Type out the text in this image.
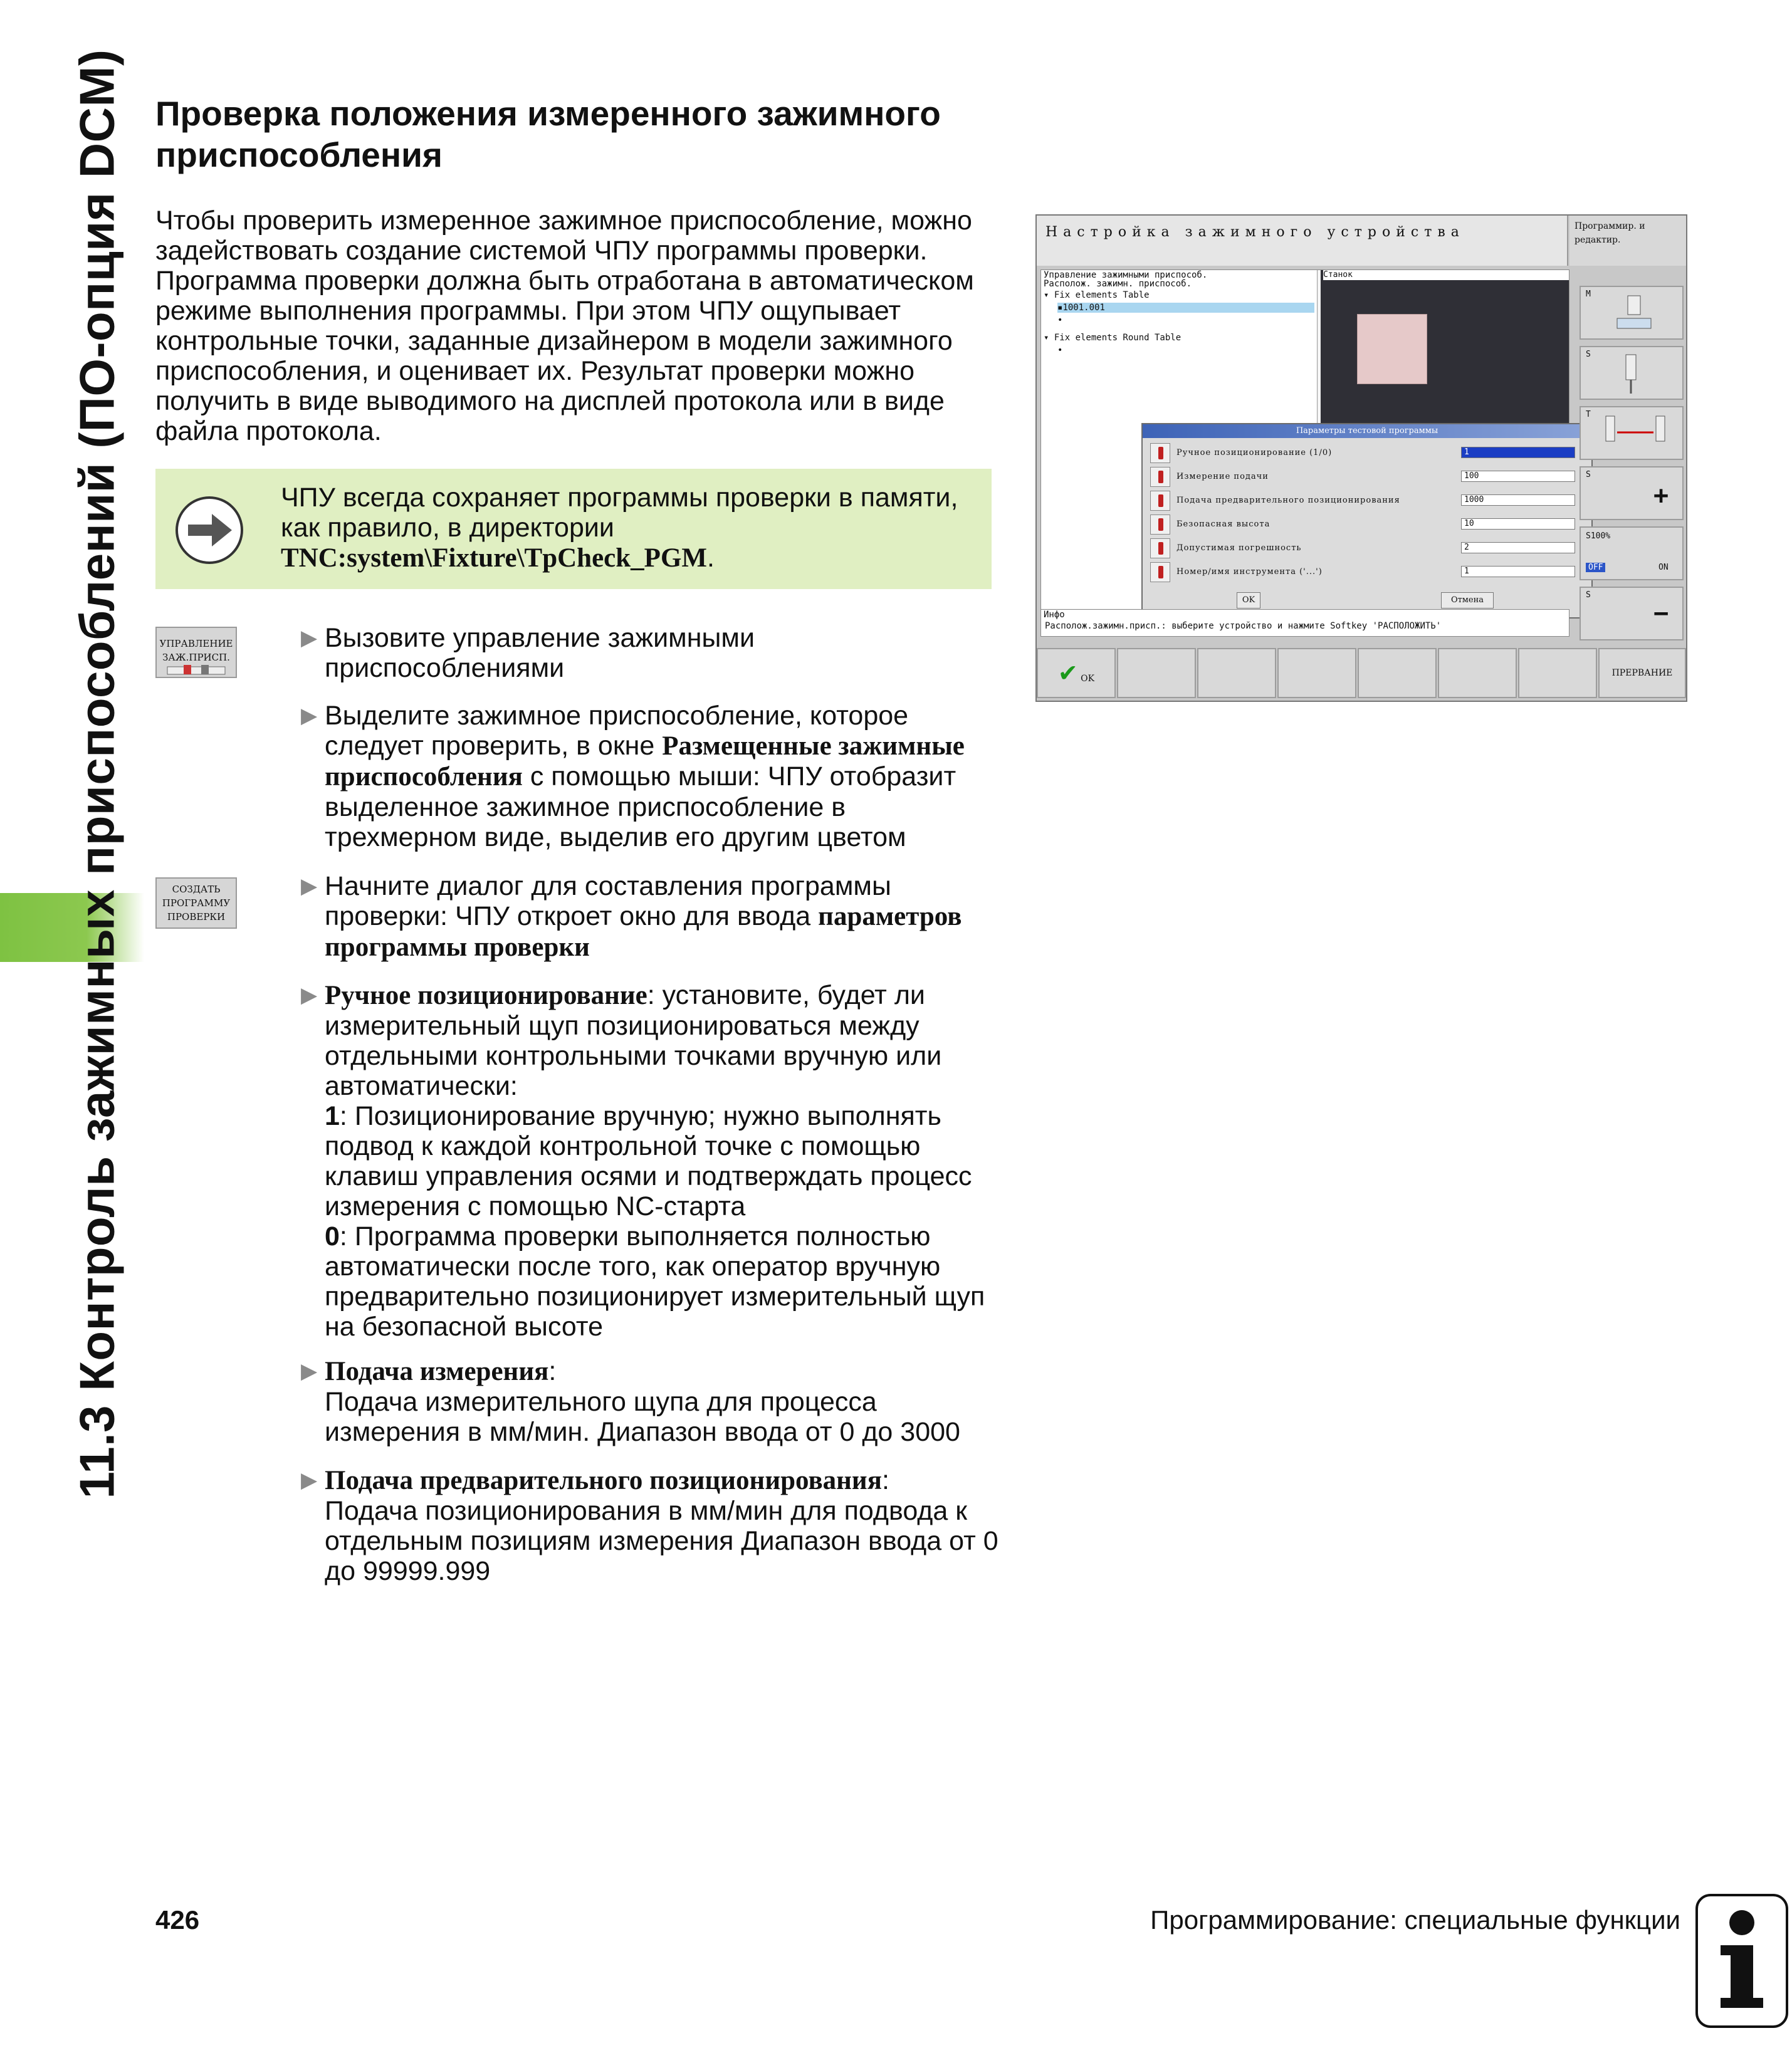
11.3 Контроль зажимных приспособлений (ПО-опция DCM) Проверка положения измеренного зажимного приспособления
Чтобы проверить измеренное зажимное приспособление, можно задействовать создание системой ЧПУ программы проверки. Программа проверки должна быть отработана в автоматическом режиме выполнения программы. При этом ЧПУ ощупывает контрольные точки, заданные дизайнером в модели зажимного приспособления, и оценивает их. Результат проверки можно получить в виде выводимого на дисплей протокола или в виде файла протокола.
ЧПУ всегда сохраняет программы проверки в памяти, как правило, в директории TNC:system\Fixture\TpCheck_PGM.
УПРАВЛЕНИЕ
ЗАЖ.ПРИСП.
СОЗДАТЬ
ПРОГРАММУ
ПРОВЕРКИ
▶ Вызовите управление зажимными приспособлениями
▶ Выделите зажимное приспособление, которое следует проверить, в окне Размещенные зажимные приспособления с помощью мыши: ЧПУ отобразит выделенное зажимное приспособление в трехмерном виде, выделив его другим цветом
▶ Начните диалог для составления программы проверки: ЧПУ откроет окно для ввода параметров программы проверки
▶ Ручное позиционирование: установите, будет ли измерительный щуп позиционироваться между отдельными контрольными точками вручную или автоматически:
1: Позиционирование вручную; нужно выполнять подвод к каждой контрольной точке с помощью клавиш управления осями и подтверждать процесс измерения с помощью NC-старта
0: Программа проверки выполняется полностью автоматически после того, как оператор вручную предварительно позиционирует измерительный щуп на безопасной высоте
▶ Подача измерения:
Подача измерительного щупа для процесса измерения в мм/мин. Диапазон ввода от 0 до 3000
▶ Подача предварительного позиционирования:
Подача позиционирования в мм/мин для подвода к отдельным позициям измерения Диапазон ввода от 0 до 99999.999
Настройка зажимного устройства	Программир. и редактир.
Управление зажимными приспособ.
Располож. зажимн. приспособ.
▾ Fix elements Table
▪1001.001
•
▾ Fix elements Round Table
•
Станок
Параметры тестовой программы
Ручное позиционирование (1/0)	1
Измерение подачи	100
Подача предварительного позиционирования	1000
Безопасная высота	10
Допустимая погрешность	2
Номер/имя инструмента ('...')	1
OK	Отмена
Инфо
Располож.зажимн.присп.: выберите устройство и нажмите Softkey 'РАСПОЛОЖИТЬ'
M
S
T
S
+
S100%
OFF	ON
S
−
✔ OK
ПРЕРВАНИЕ
426	Программирование: специальные функции
